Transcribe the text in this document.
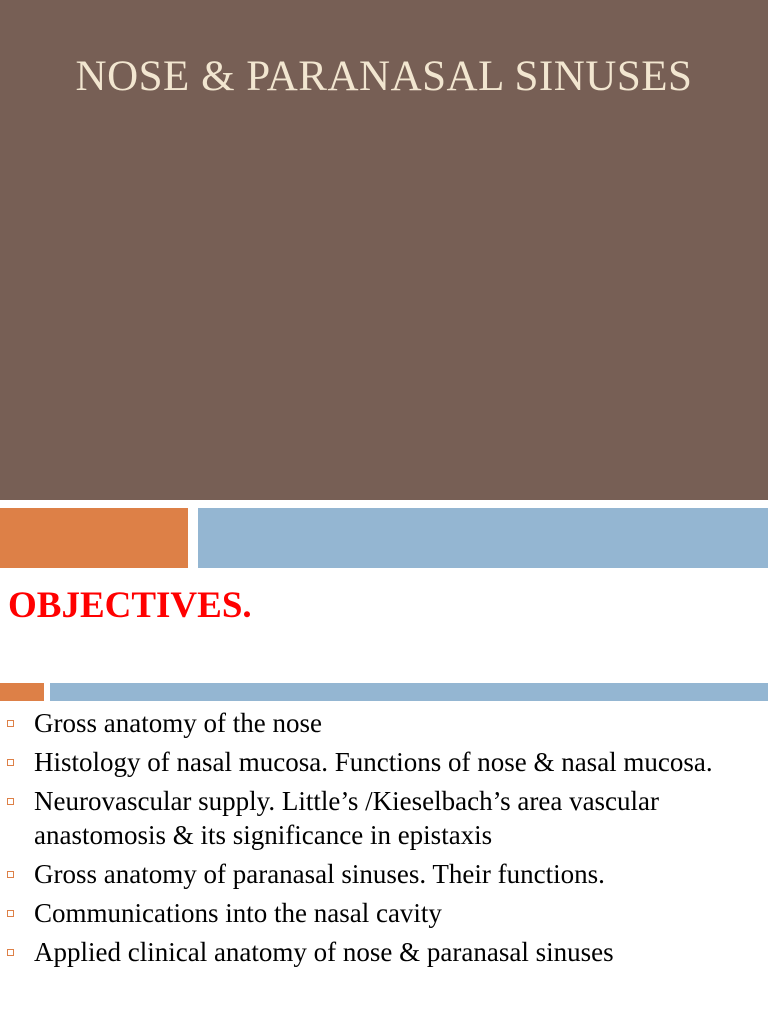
NOSE & PARANASAL SINUSES
OBJECTIVES.
Gross anatomy of the nose
Histology of nasal mucosa. Functions of nose & nasal mucosa.
Neurovascular supply. Little’s /Kieselbach’s area vascular anastomosis & its significance in epistaxis
Gross anatomy of paranasal sinuses. Their functions.
Communications into the nasal cavity
Applied clinical anatomy of nose & paranasal sinuses
